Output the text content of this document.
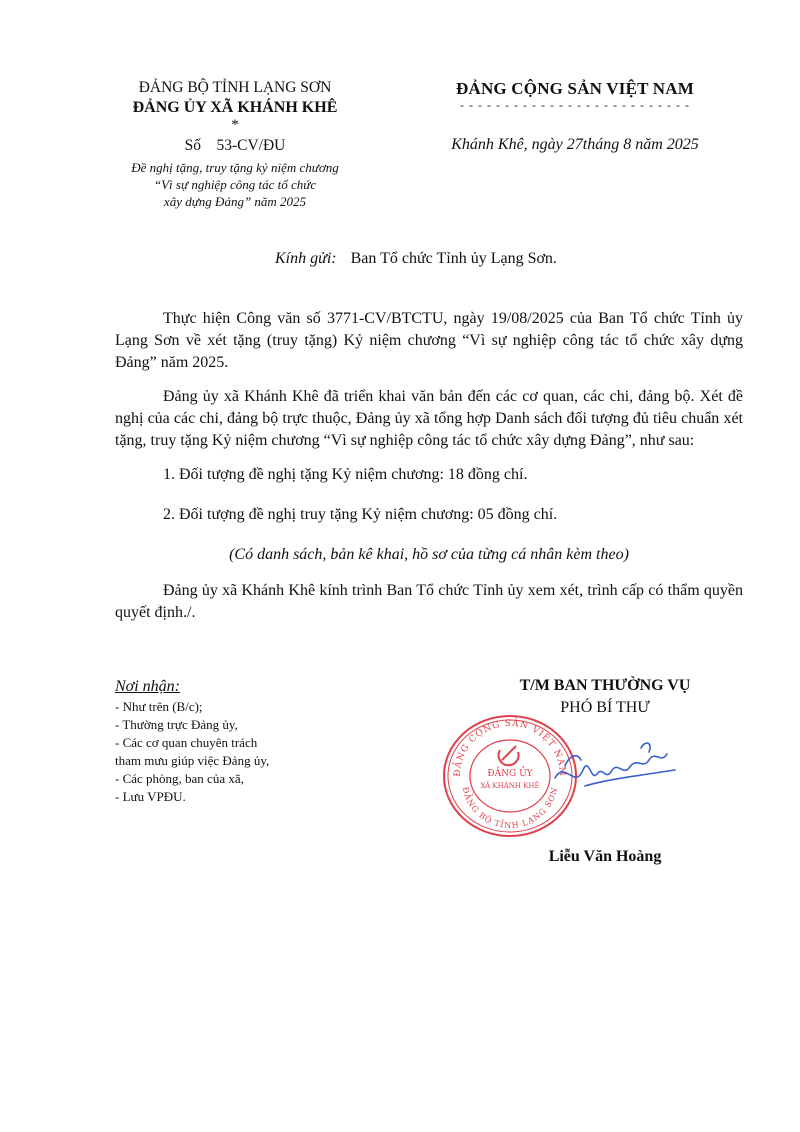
ĐẢNG BỘ TỈNH LẠNG SƠN
ĐẢNG ỦY XÃ KHÁNH KHÊ
*
Số    53-CV/ĐU
Đề nghị tặng, truy tặng kỷ niệm chương
“Vì sự nghiệp công tác tổ chức
xây dựng Đảng” năm 2025
ĐẢNG CỘNG SẢN VIỆT NAM
- - - - - - - - - - - - - - - - - - - - - - - - - -
Khánh Khê, ngày 27tháng 8 năm 2025
Kính gửi: Ban Tổ chức Tỉnh ủy Lạng Sơn.

Thực hiện Công văn số 3771-CV/BTCTU, ngày 19/08/2025 của Ban Tổ chức Tỉnh ủy Lạng Sơn về xét tặng (truy tặng) Kỷ niệm chương “Vì sự nghiệp công tác tổ chức xây dựng Đảng” năm 2025.

Đảng ủy xã Khánh Khê đã triển khai văn bản đến các cơ quan, các chi, đảng bộ. Xét đề nghị của các chi, đảng bộ trực thuộc, Đảng ủy xã tổng hợp Danh sách đối tượng đủ tiêu chuẩn xét tặng, truy tặng Kỷ niệm chương “Vì sự nghiệp công tác tổ chức xây dựng Đảng”, như sau:

1. Đối tượng đề nghị tặng Kỷ niệm chương: 18 đồng chí.

2. Đối tượng đề nghị truy tặng Kỷ niệm chương: 05 đồng chí.

(Có danh sách, bản kê khai, hồ sơ của từng cá nhân kèm theo)

Đảng ủy xã Khánh Khê kính trình Ban Tổ chức Tỉnh ủy xem xét, trình cấp có thẩm quyền quyết định./.

Nơi nhận:
- Như trên (B/c);
- Thường trực Đảng ủy,
- Các cơ quan chuyên trách
tham mưu giúp việc Đảng ủy,
- Các phòng, ban của xã,
- Lưu VPĐU.
T/M BAN THƯỜNG VỤ
PHÓ BÍ THƯ
ĐẢNG CỘNG SẢN VIỆT NAM
ĐẢNG BỘ TỈNH LẠNG SƠN
ĐẢNG ỦY
XÃ KHÁNH KHÊ
Liễu Văn Hoàng
